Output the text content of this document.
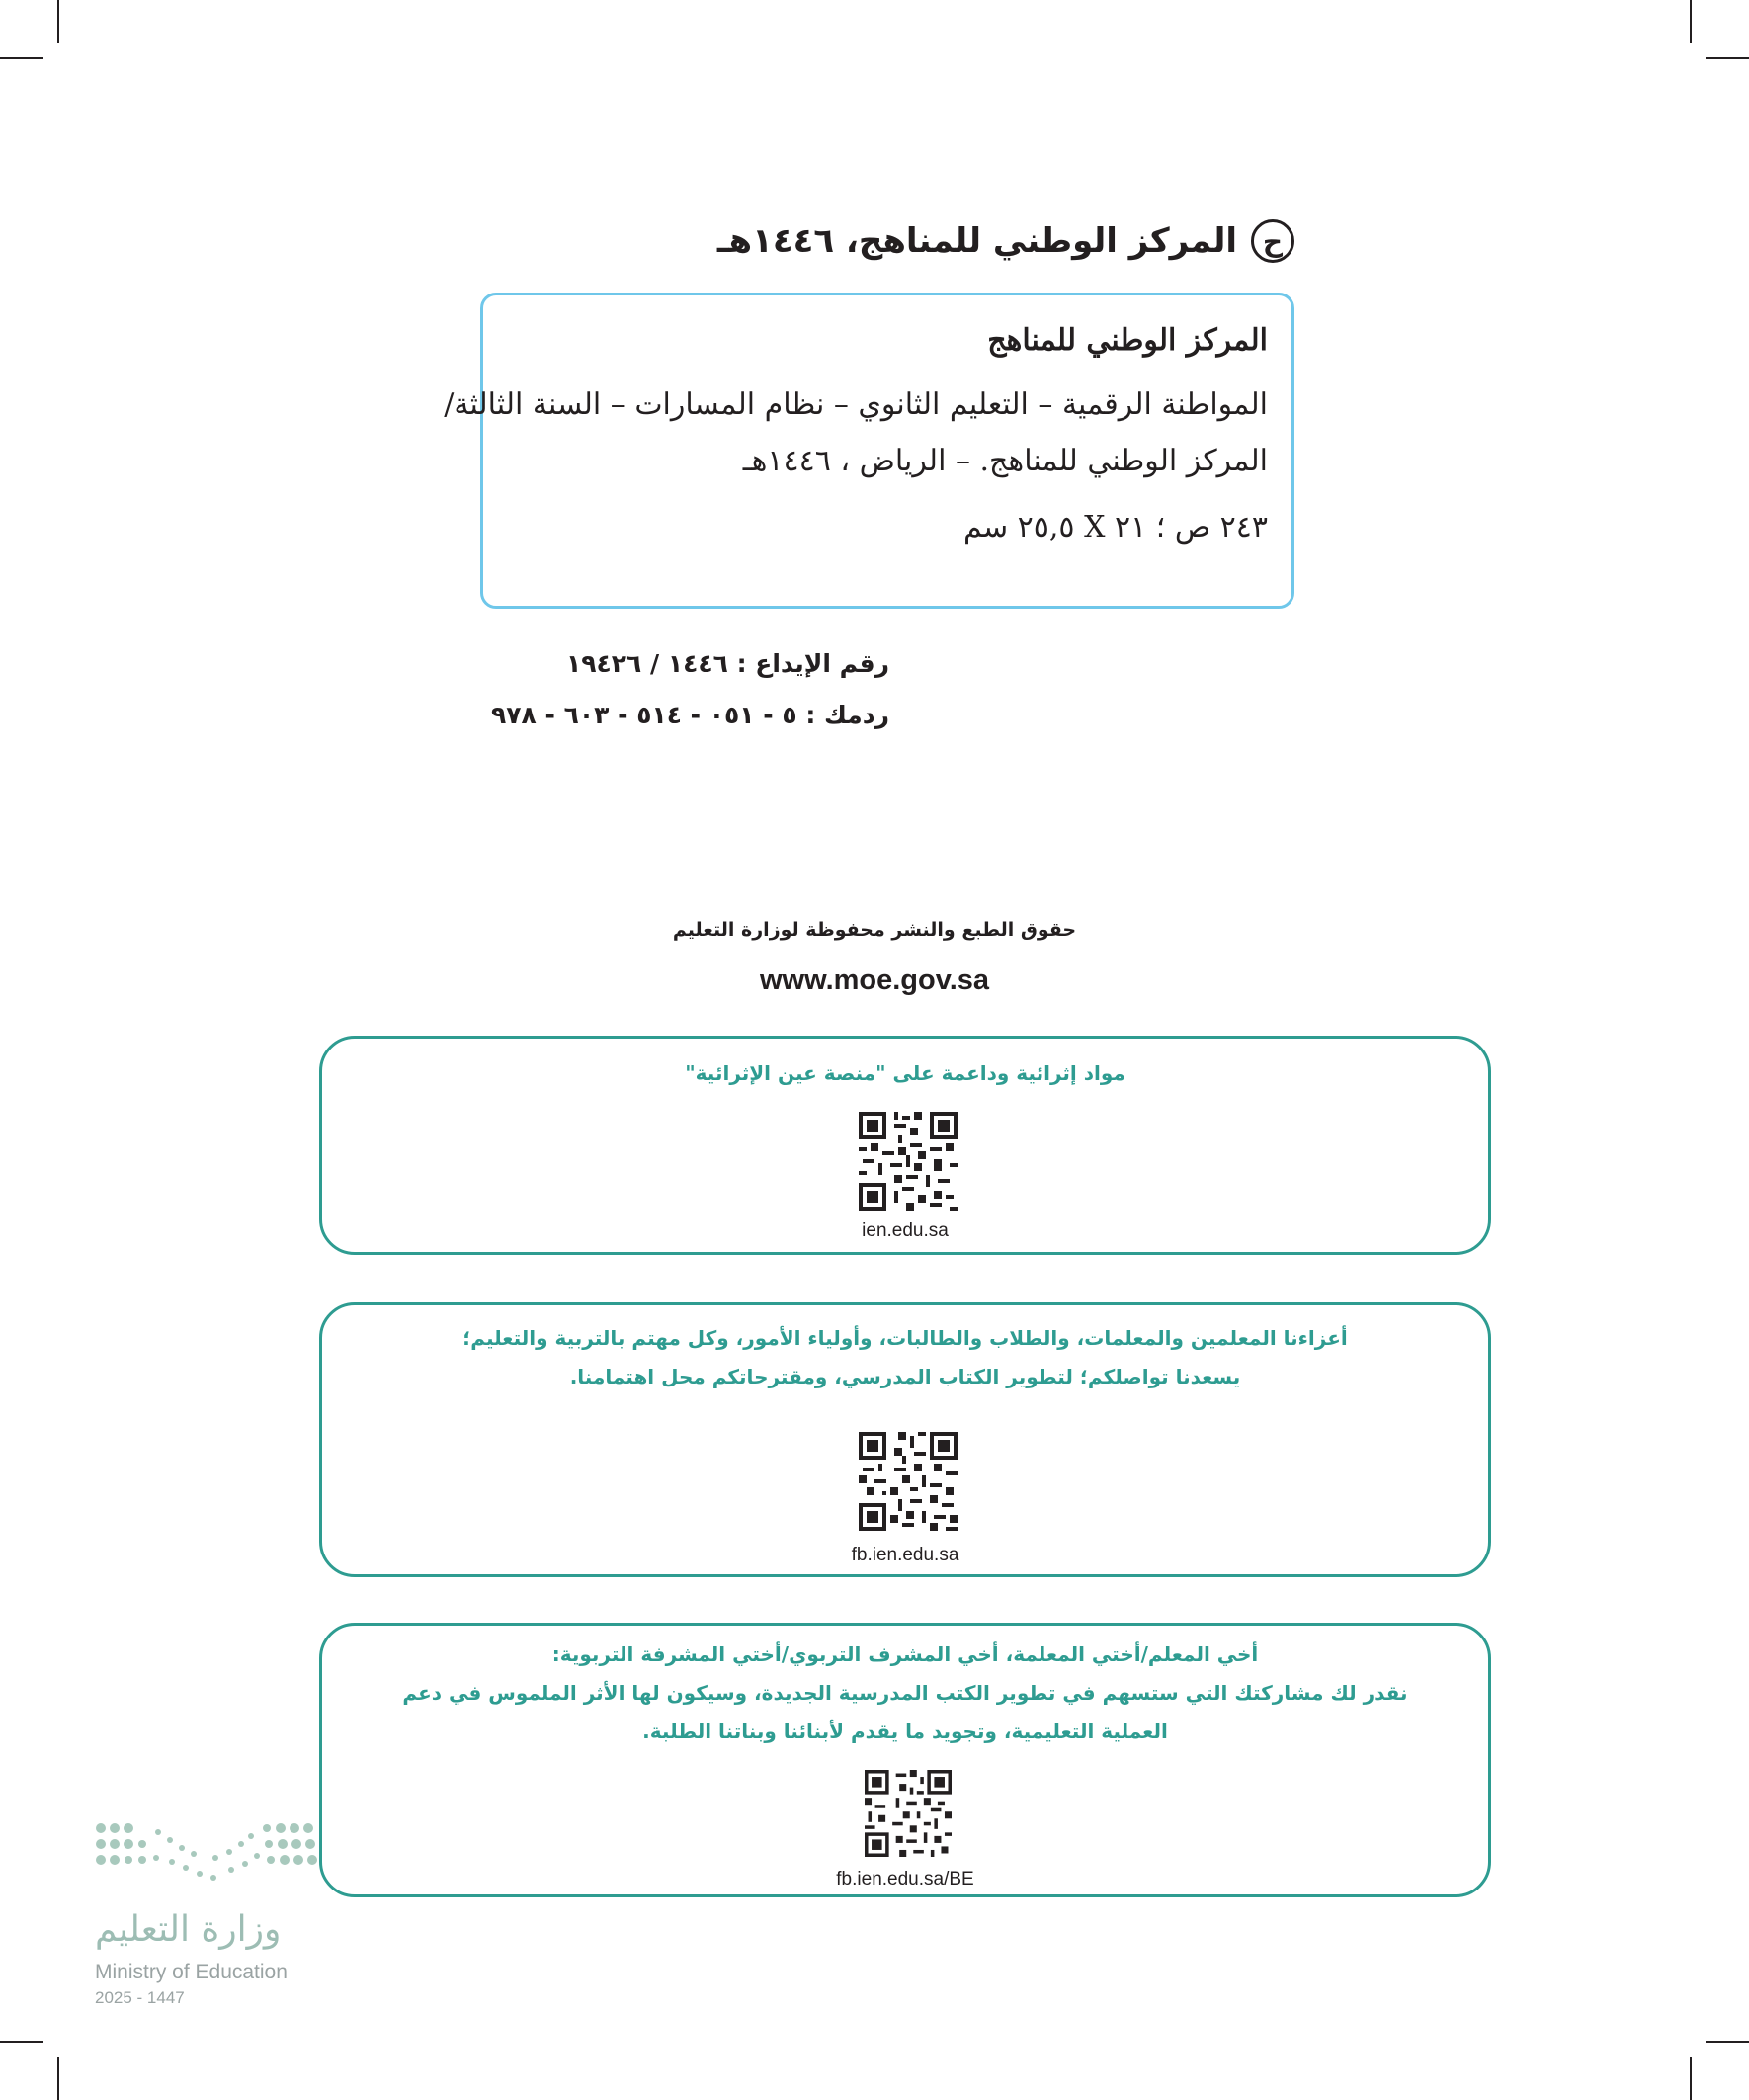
ح
المركز الوطني للمناهج، ١٤٤٦هـ
المركز الوطني للمناهج
المواطنة الرقمية – التعليم الثانوي – نظام المسارات – السنة الثالثة/
المركز الوطني للمناهج. – الرياض ، ١٤٤٦هـ
٢٤٣ ص ؛ ٢١ X ٢٥,٥ سم
رقم الإيداع : ١٤٤٦ / ١٩٤٢٦
ردمك : ٥ - ٠٥١ - ٥١٤ - ٦٠٣ - ٩٧٨
حقوق الطبع والنشر محفوظة لوزارة التعليم
www.moe.gov.sa
مواد إثرائية وداعمة على "منصة عين الإثرائية"
ien.edu.sa
أعزاءنا المعلمين والمعلمات، والطلاب والطالبات، وأولياء الأمور، وكل مهتم بالتربية والتعليم؛
يسعدنا تواصلكم؛ لتطوير الكتاب المدرسي، ومقترحاتكم محل اهتمامنا.
fb.ien.edu.sa
أخي المعلم/أختي المعلمة، أخي المشرف التربوي/أختي المشرفة التربوية:
نقدر لك مشاركتك التي ستسهم في تطوير الكتب المدرسية الجديدة، وسيكون لها الأثر الملموس في دعم
العملية التعليمية، وتجويد ما يقدم لأبنائنا وبناتنا الطلبة.
fb.ien.edu.sa/BE
وزارة التعليم
Ministry of Education
2025 - 1447
